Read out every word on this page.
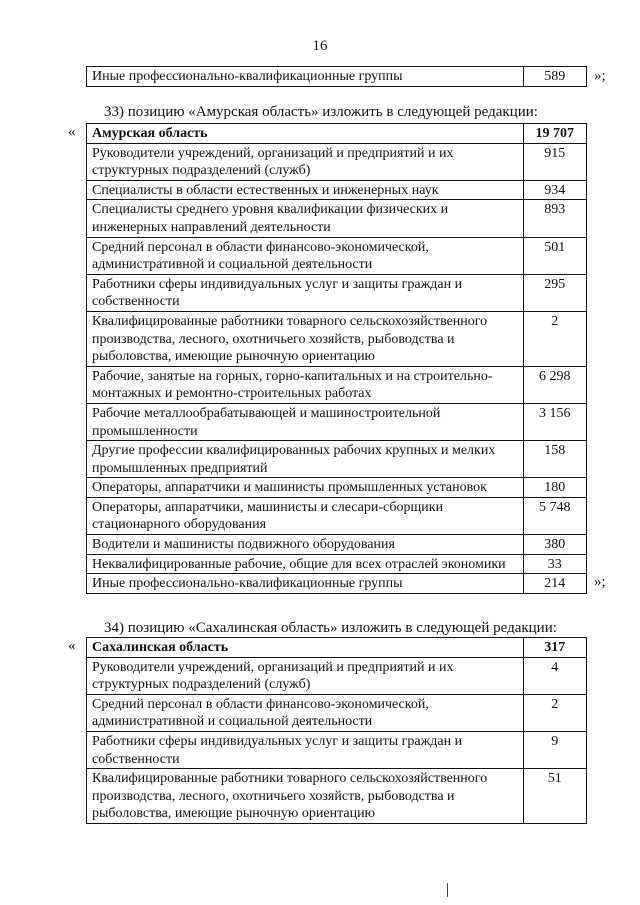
16
Иные профессионально-квалификационные группы	589 »;
33) позицию «Амурская область» изложить в следующей редакции:
« Амурская область	19 707
Руководители учреждений, организаций и предприятий и их структурных подразделений (служб)	915
Специалисты в области естественных и инженерных наук	934
Специалисты среднего уровня квалификации физических и инженерных направлений деятельности	893
Средний персонал в области финансово-экономической, административной и социальной деятельности	501
Работники сферы индивидуальных услуг и защиты граждан и собственности	295
Квалифицированные работники товарного сельскохозяйственного производства, лесного, охотничьего хозяйств, рыбоводства и рыболовства, имеющие рыночную ориентацию	2
Рабочие, занятые на горных, горно-капитальных и на строительно-монтажных и ремонтно-строительных работах	6 298
Рабочие металлообрабатывающей и машиностроительной промышленности	3 156
Другие профессии квалифицированных рабочих крупных и мелких промышленных предприятий	158
Операторы, аппаратчики и машинисты промышленных установок	180
Операторы, аппаратчики, машинисты и слесари-сборщики стационарного оборудования	5 748
Водители и машинисты подвижного оборудования	380
Неквалифицированные рабочие, общие для всех отраслей экономики	33
Иные профессионально-квалификационные группы	214 »;
34) позицию «Сахалинская область» изложить в следующей редакции:
« Сахалинская область	317
Руководители учреждений, организаций и предприятий и их структурных подразделений (служб)	4
Средний персонал в области финансово-экономической, административной и социальной деятельности	2
Работники сферы индивидуальных услуг и защиты граждан и собственности	9
Квалифицированные работники товарного сельскохозяйственного производства, лесного, охотничьего хозяйств, рыбоводства и рыболовства, имеющие рыночную ориентацию	51
